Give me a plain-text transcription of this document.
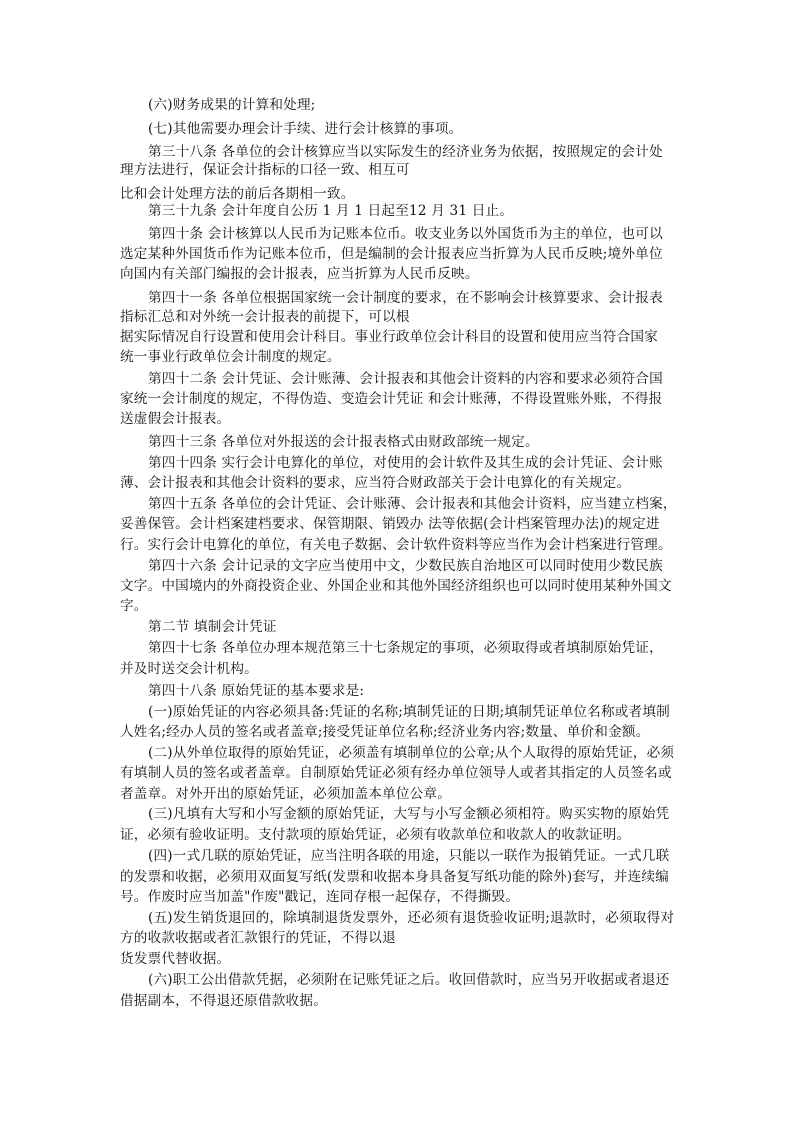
(六)财务成果的计算和处理;
(七)其他需要办理会计手续、进行会计核算的事项。
第三十八条 各单位的会计核算应当以实际发生的经济业务为依据，按照规定的会计处
理方法进行，保证会计指标的口径一致、相互可
比和会计处理方法的前后各期相一致。
第三十九条 会计年度自公历 1 月 1 日起至12 月 31 日止。
第四十条 会计核算以人民币为记账本位币。收支业务以外国货币为主的单位，也可以
选定某种外国货币作为记账本位币，但是编制的会计报表应当折算为人民币反映;境外单位
向国内有关部门编报的会计报表，应当折算为人民币反映。
第四十一条 各单位根据国家统一会计制度的要求，在不影响会计核算要求、会计报表
指标汇总和对外统一会计报表的前提下，可以根
据实际情况自行设置和使用会计科目。事业行政单位会计科目的设置和使用应当符合国家
统一事业行政单位会计制度的规定。
第四十二条 会计凭证、会计账薄、会计报表和其他会计资料的内容和要求必须符合国
家统一会计制度的规定，不得伪造、变造会计凭证 和会计账薄，不得设置账外账，不得报
送虚假会计报表。
第四十三条 各单位对外报送的会计报表格式由财政部统一规定。
第四十四条 实行会计电算化的单位，对使用的会计软件及其生成的会计凭证、会计账
薄、会计报表和其他会计资料的要求，应当符合财政部关于会计电算化的有关规定。
第四十五条 各单位的会计凭证、会计账薄、会计报表和其他会计资料，应当建立档案，
妥善保管。会计档案建档要求、保管期限、销毁办 法等依据(会计档案管理办法)的规定进
行。实行会计电算化的单位，有关电子数据、会计软件资料等应当作为会计档案进行管理。
第四十六条 会计记录的文字应当使用中文，少数民族自治地区可以同时使用少数民族
文字。中国境内的外商投资企业、外国企业和其他外国经济组织也可以同时使用某种外国文
字。
第二节 填制会计凭证
第四十七条 各单位办理本规范第三十七条规定的事项，必须取得或者填制原始凭证，
并及时送交会计机构。
第四十八条 原始凭证的基本要求是:
(一)原始凭证的内容必须具备:凭证的名称;填制凭证的日期;填制凭证单位名称或者填制
人姓名;经办人员的签名或者盖章;接受凭证单位名称;经济业务内容;数量、单价和金额。
(二)从外单位取得的原始凭证，必须盖有填制单位的公章;从个人取得的原始凭证，必须
有填制人员的签名或者盖章。自制原始凭证必须有经办单位领导人或者其指定的人员签名或
者盖章。对外开出的原始凭证，必须加盖本单位公章。
(三)凡填有大写和小写金额的原始凭证，大写与小写金额必须相符。购买实物的原始凭
证，必须有验收证明。支付款项的原始凭证，必须有收款单位和收款人的收款证明。
(四)一式几联的原始凭证，应当注明各联的用途，只能以一联作为报销凭证。一式几联
的发票和收据，必须用双面复写纸(发票和收据本身具备复写纸功能的除外)套写，并连续编
号。作废时应当加盖"作废"戳记，连同存根一起保存，不得撕毁。
(五)发生销货退回的，除填制退货发票外，还必须有退货验收证明;退款时，必须取得对
方的收款收据或者汇款银行的凭证，不得以退
货发票代替收据。
(六)职工公出借款凭据，必须附在记账凭证之后。收回借款时，应当另开收据或者退还
借据副本，不得退还原借款收据。
